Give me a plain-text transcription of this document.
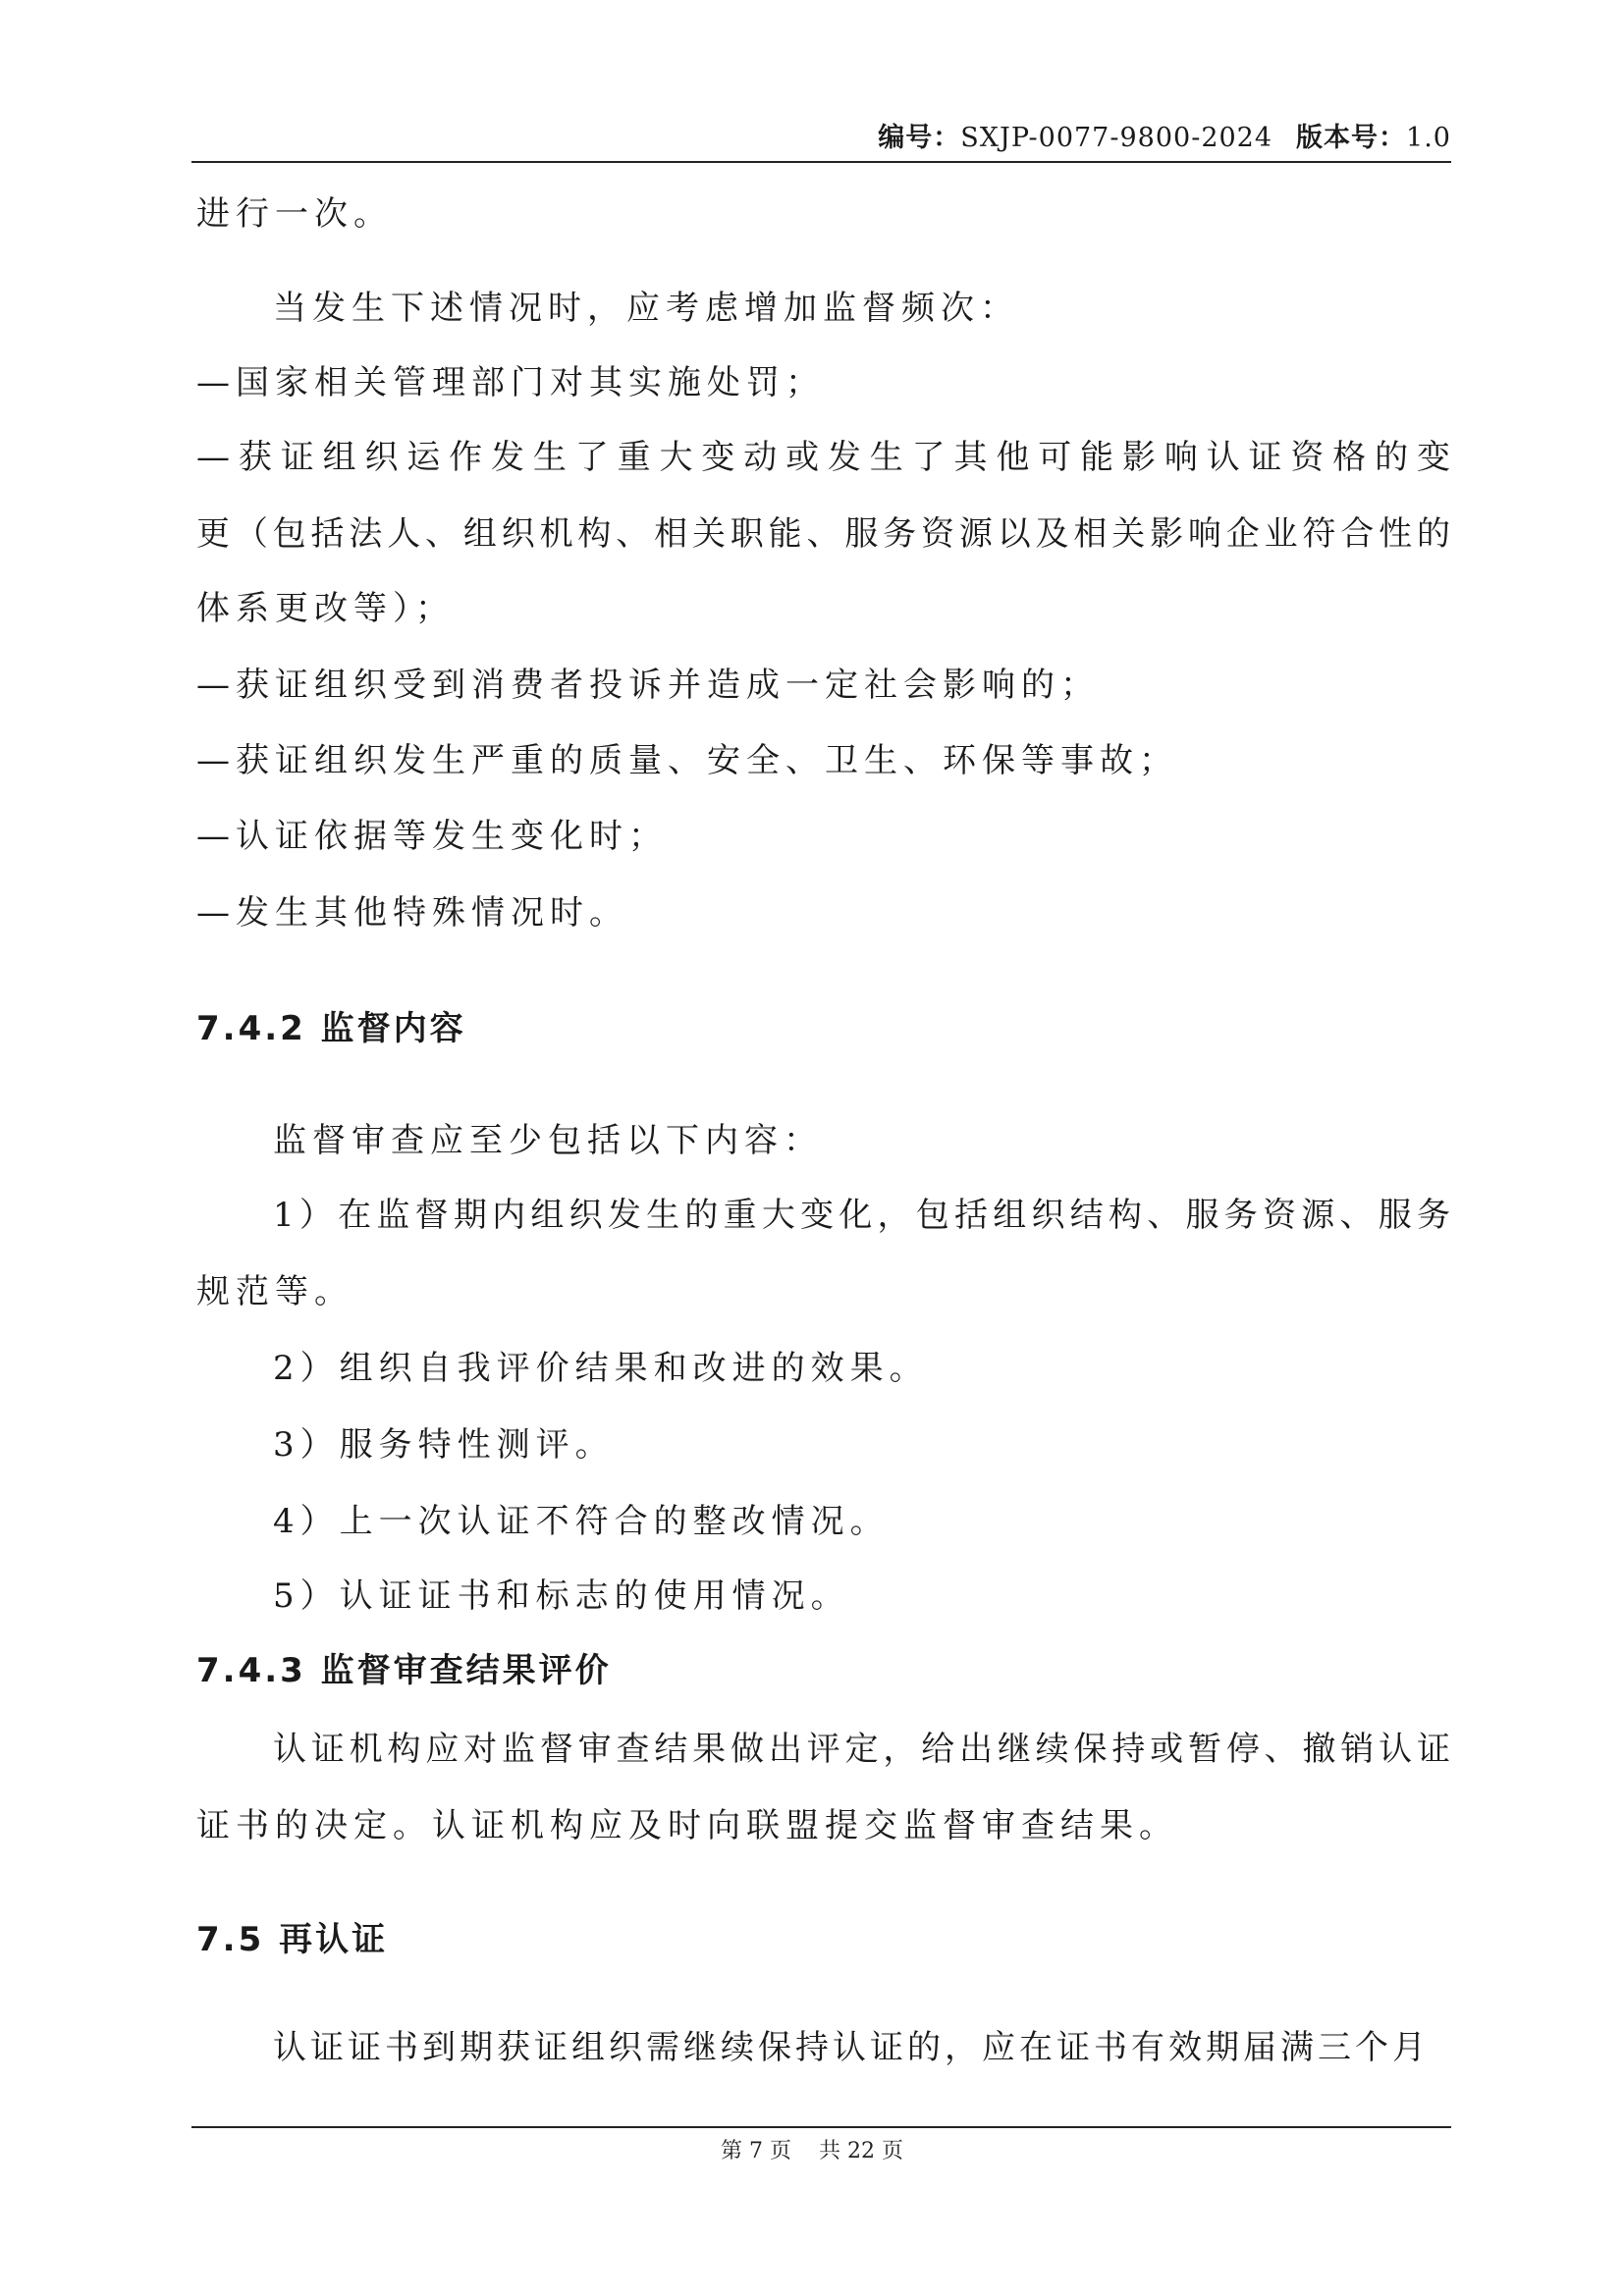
编号：SXJP-0077-9800-2024 版本号：1.0
进行一次。
当发生下述情况时，应考虑增加监督频次：
—国家相关管理部门对其实施处罚；
—获证组织运作发生了重大变动或发生了其他可能影响认证资格的变
更（包括法人、组织机构、相关职能、服务资源以及相关影响企业符合性的
体系更改等）；
—获证组织受到消费者投诉并造成一定社会影响的；
—获证组织发生严重的质量、安全、卫生、环保等事故；
—认证依据等发生变化时；
—发生其他特殊情况时。
7.4.2 监督内容
监督审查应至少包括以下内容：
1）在监督期内组织发生的重大变化，包括组织结构、服务资源、服务
规范等。
2）组织自我评价结果和改进的效果。
3）服务特性测评。
4）上一次认证不符合的整改情况。
5）认证证书和标志的使用情况。
7.4.3 监督审查结果评价
认证机构应对监督审查结果做出评定，给出继续保持或暂停、撤销认证
证书的决定。认证机构应及时向联盟提交监督审查结果。
7.5 再认证
认证证书到期获证组织需继续保持认证的，应在证书有效期届满三个月
第 7 页 共 22 页
